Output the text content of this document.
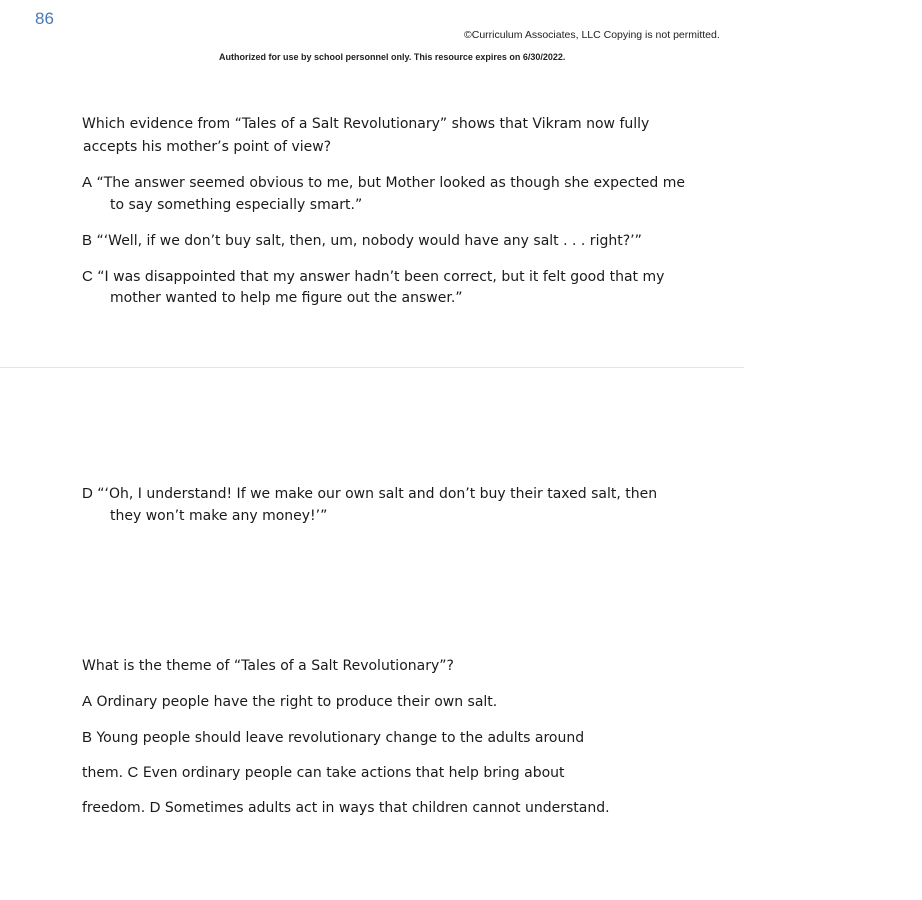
86
©Curriculum Associates, LLC Copying is not permitted.
Authorized for use by school personnel only. This resource expires on 6/30/2022.
Which evidence from “Tales of a Salt Revolutionary” shows that Vikram now fully
accepts his mother’s point of view?
A “The answer seemed obvious to me, but Mother looked as though she expected me
to say something especially smart.”
B “‘Well, if we don’t buy salt, then, um, nobody would have any salt . . . right?’”
C “I was disappointed that my answer hadn’t been correct, but it felt good that my
mother wanted to help me figure out the answer.”
D “‘Oh, I understand! If we make our own salt and don’t buy their taxed salt, then
they won’t make any money!’”
What is the theme of “Tales of a Salt Revolutionary”?
A Ordinary people have the right to produce their own salt.
B Young people should leave revolutionary change to the adults around
them. C Even ordinary people can take actions that help bring about
freedom. D Sometimes adults act in ways that children cannot understand.
